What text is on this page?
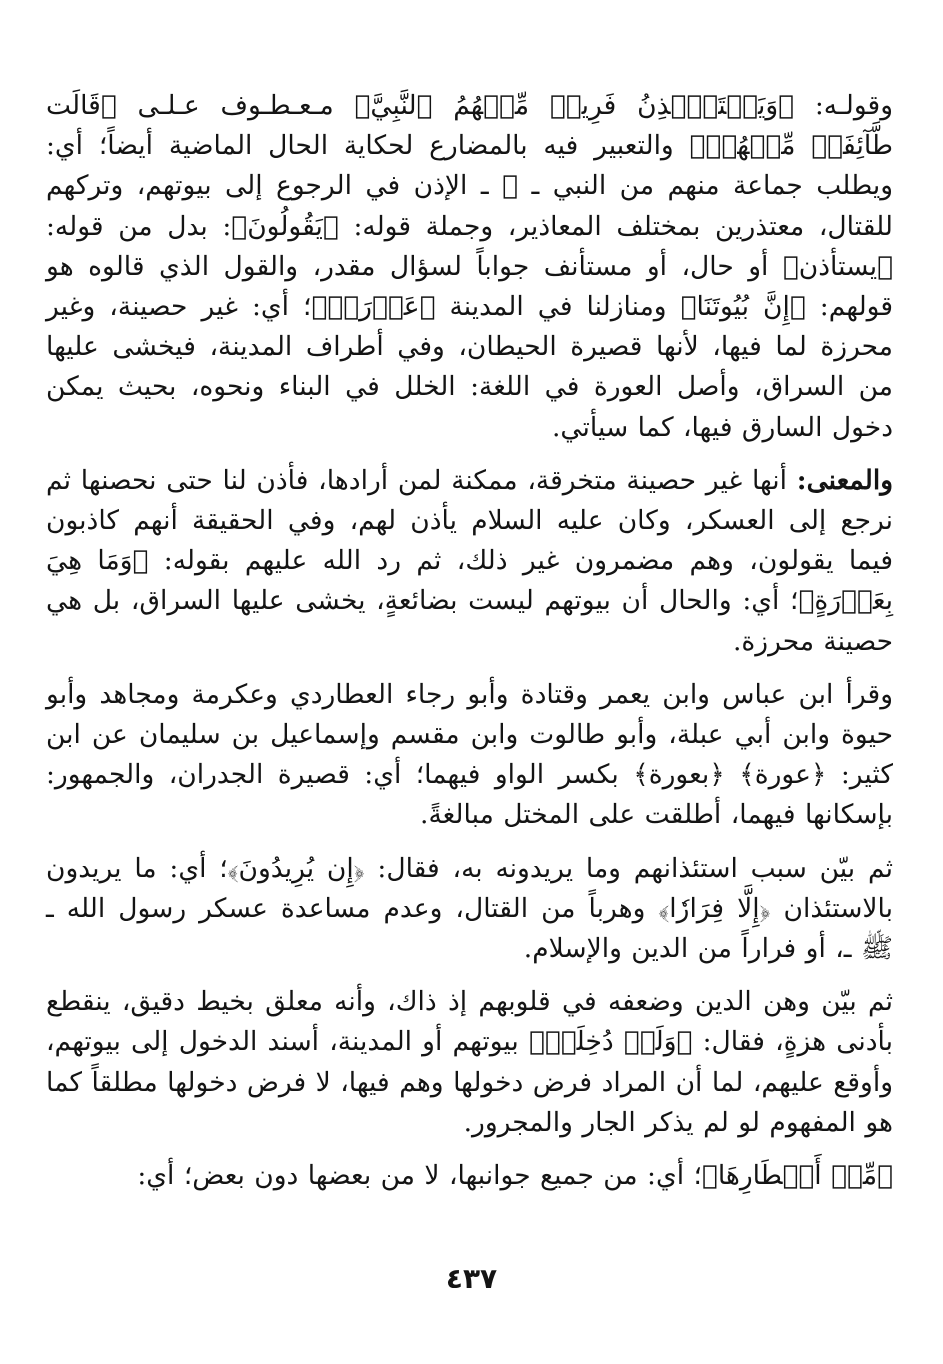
وقولـه: ﴿وَيَسۡتَـٔۡذِنُ فَرِيقٞ مِّنۡهُمُ ٱلنَّبِيَّ﴾ مـعـطـوف عـلـى ﴿قَالَت طَّآئِفَةٞ مِّنۡهُمۡ﴾ والتعبير فيه بالمضارع لحكاية الحال الماضية أيضاً؛ أي: ويطلب جماعة منهم من النبي ـ ﷺ ـ الإذن في الرجوع إلى بيوتهم، وتركهم للقتال، معتذرين بمختلف المعاذير، وجملة قوله: ﴿يَقُولُونَ﴾: بدل من قوله: ﴿يستأذن﴾ أو حال، أو مستأنف جواباً لسؤال مقدر، والقول الذي قالوه هو قولهم: ﴿إِنَّ بُيُوتَنَا﴾ ومنازلنا في المدينة ﴿عَوۡرَةٞ﴾؛ أي: غير حصينة، وغير محرزة لما فيها، لأنها قصيرة الحيطان، وفي أطراف المدينة، فيخشى عليها من السراق، وأصل العورة في اللغة: الخلل في البناء ونحوه، بحيث يمكن دخول السارق فيها، كما سيأتي.

والمعنى: أنها غير حصينة متخرقة، ممكنة لمن أرادها، فأذن لنا حتى نحصنها ثم نرجع إلى العسكر، وكان عليه السلام يأذن لهم، وفي الحقيقة أنهم كاذبون فيما يقولون، وهم مضمرون غير ذلك، ثم رد الله عليهم بقوله: ﴿وَمَا هِيَ بِعَوۡرَةٍ﴾؛ أي: والحال أن بيوتهم ليست بضائعةٍ، يخشى عليها السراق، بل هي حصينة محرزة.

وقرأ ابن عباس وابن يعمر وقتادة وأبو رجاء العطاردي وعكرمة ومجاهد وأبو حيوة وابن أبي عبلة، وأبو طالوت وابن مقسم وإسماعيل بن سليمان عن ابن كثير: ﴿عورة﴾ ﴿بعورة﴾ بكسر الواو فيهما؛ أي: قصيرة الجدران، والجمهور: بإسكانها فيهما، أطلقت على المختل مبالغةً.

ثم بيّن سبب استئذانهم وما يريدونه به، فقال: ﴿إِن يُرِيدُونَ﴾؛ أي: ما يريدون بالاستئذان ﴿إِلَّا فِرَارٗا﴾ وهرباً من القتال، وعدم مساعدة عسكر رسول الله ـ ﷺ ـ، أو فراراً من الدين والإسلام.

ثم بيّن وهن الدين وضعفه في قلوبهم إذ ذاك، وأنه معلق بخيط دقيق، ينقطع بأدنى هزةٍ، فقال: ﴿وَلَوۡ دُخِلَتۡ﴾ بيوتهم أو المدينة، أسند الدخول إلى بيوتهم، وأوقع عليهم، لما أن المراد فرض دخولها وهم فيها، لا فرض دخولها مطلقاً كما هو المفهوم لو لم يذكر الجار والمجرور.

﴿مِّنۡ أَقۡطَارِهَا﴾؛ أي: من جميع جوانبها، لا من بعضها دون بعض؛ أي:

٤٣٧
